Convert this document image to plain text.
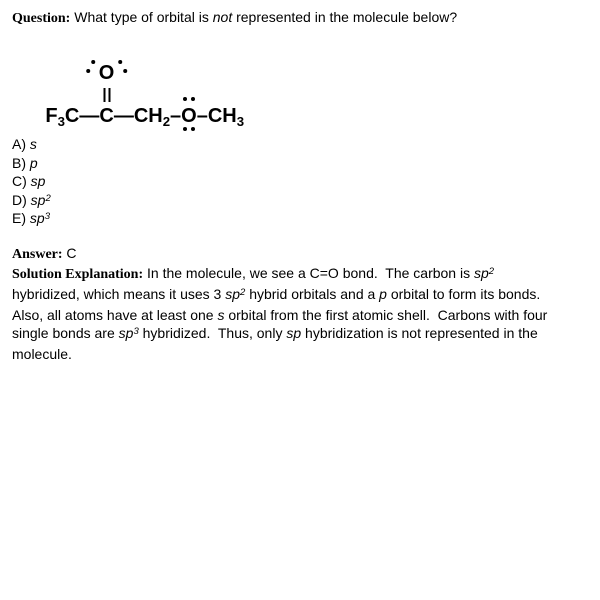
Question: What type of orbital is not represented in the molecule below?

F3C—
O
C—CH2–
O–CH3

A) s
B) p
C) sp
D) $sp^2$
E) $sp^3$
Answer: C
Solution Explanation: In the molecule, we see a C=O bond.  The carbon is $sp^2$
hybridized, which means it uses 3 $sp^2$ hybrid orbitals and a p orbital to form its bonds.
Also, all atoms have at least one s orbital from the first atomic shell.  Carbons with four
single bonds are $sp^3$ hybridized.  Thus, only sp hybridization is not represented in the
molecule.
